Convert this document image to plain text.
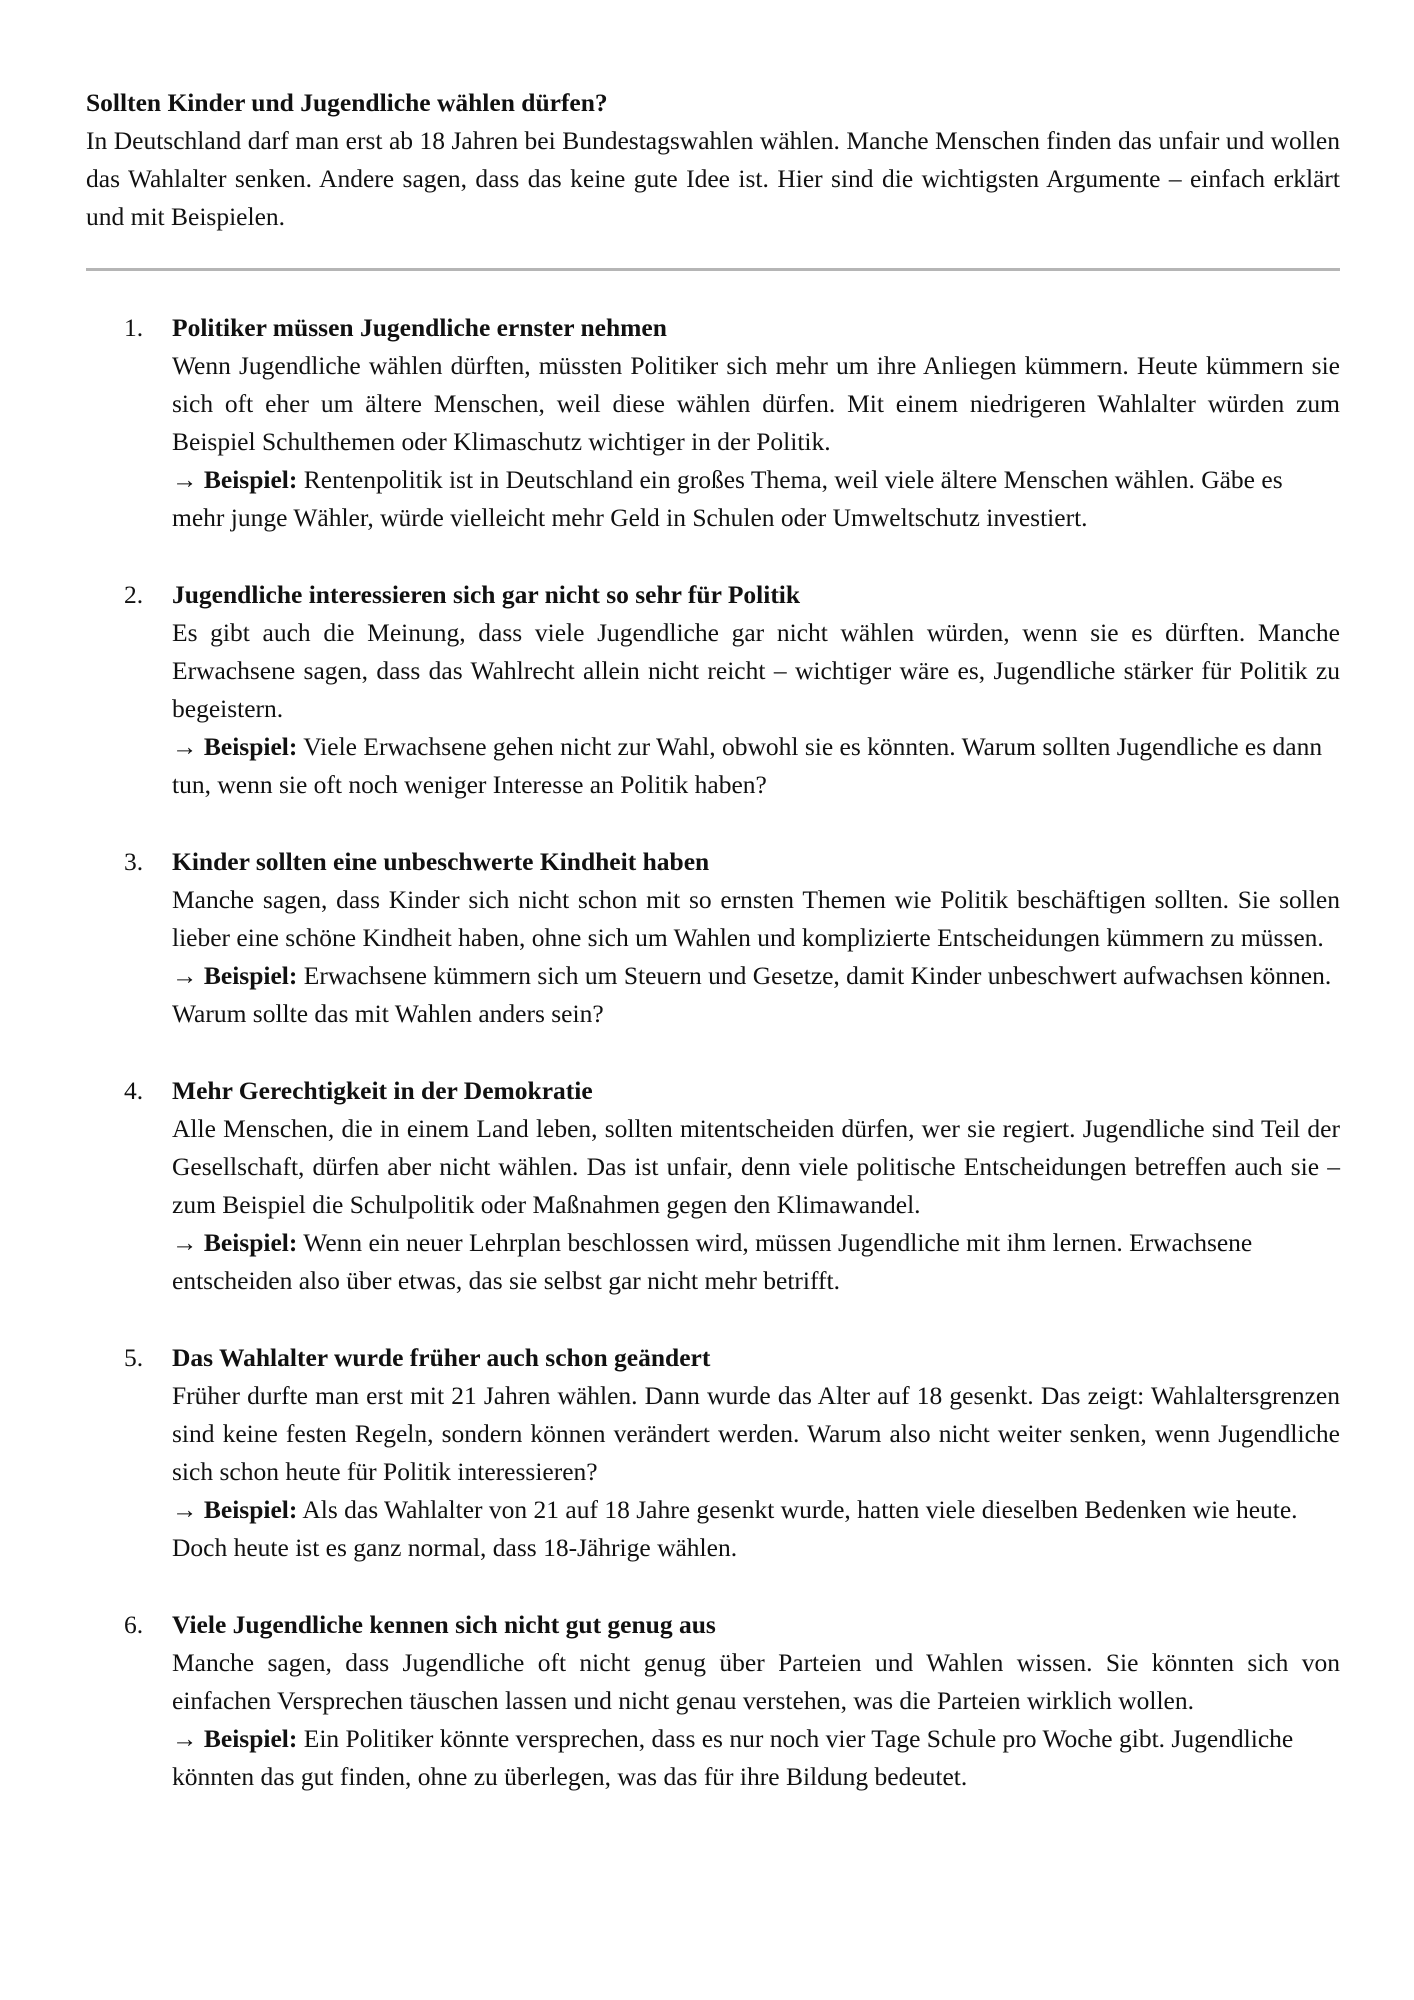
Sollten Kinder und Jugendliche wählen dürfen?

In Deutschland darf man erst ab 18 Jahren bei Bundestagswahlen wählen. Manche Menschen finden das unfair und wollen das Wahlalter senken. Andere sagen, dass das keine gute Idee ist. Hier sind die wichtigsten Argumente – einfach erklärt und mit Beispielen.

1. Politiker müssen Jugendliche ernster nehmen
Wenn Jugendliche wählen dürften, müssten Politiker sich mehr um ihre Anliegen kümmern. Heute kümmern sie sich oft eher um ältere Menschen, weil diese wählen dürfen. Mit einem niedrigeren Wahlalter würden zum Beispiel Schulthemen oder Klimaschutz wichtiger in der Politik.
→ Beispiel: Rentenpolitik ist in Deutschland ein großes Thema, weil viele ältere Menschen wählen. Gäbe es mehr junge Wähler, würde vielleicht mehr Geld in Schulen oder Umweltschutz investiert.
2. Jugendliche interessieren sich gar nicht so sehr für Politik
Es gibt auch die Meinung, dass viele Jugendliche gar nicht wählen würden, wenn sie es dürften. Manche Erwachsene sagen, dass das Wahlrecht allein nicht reicht – wichtiger wäre es, Jugendliche stärker für Politik zu begeistern.
→ Beispiel: Viele Erwachsene gehen nicht zur Wahl, obwohl sie es könnten. Warum sollten Jugendliche es dann tun, wenn sie oft noch weniger Interesse an Politik haben?
3. Kinder sollten eine unbeschwerte Kindheit haben
Manche sagen, dass Kinder sich nicht schon mit so ernsten Themen wie Politik beschäftigen sollten. Sie sollen lieber eine schöne Kindheit haben, ohne sich um Wahlen und komplizierte Entscheidungen kümmern zu müssen.
→ Beispiel: Erwachsene kümmern sich um Steuern und Gesetze, damit Kinder unbeschwert aufwachsen können. Warum sollte das mit Wahlen anders sein?
4. Mehr Gerechtigkeit in der Demokratie
Alle Menschen, die in einem Land leben, sollten mitentscheiden dürfen, wer sie regiert. Jugendliche sind Teil der Gesellschaft, dürfen aber nicht wählen. Das ist unfair, denn viele politische Entscheidungen betreffen auch sie – zum Beispiel die Schulpolitik oder Maßnahmen gegen den Klimawandel.
→ Beispiel: Wenn ein neuer Lehrplan beschlossen wird, müssen Jugendliche mit ihm lernen. Erwachsene entscheiden also über etwas, das sie selbst gar nicht mehr betrifft.
5. Das Wahlalter wurde früher auch schon geändert
Früher durfte man erst mit 21 Jahren wählen. Dann wurde das Alter auf 18 gesenkt. Das zeigt: Wahlaltersgrenzen sind keine festen Regeln, sondern können verändert werden. Warum also nicht weiter senken, wenn Jugendliche sich schon heute für Politik interessieren?
→ Beispiel: Als das Wahlalter von 21 auf 18 Jahre gesenkt wurde, hatten viele dieselben Bedenken wie heute. Doch heute ist es ganz normal, dass 18-Jährige wählen.
6. Viele Jugendliche kennen sich nicht gut genug aus
Manche sagen, dass Jugendliche oft nicht genug über Parteien und Wahlen wissen. Sie könnten sich von einfachen Versprechen täuschen lassen und nicht genau verstehen, was die Parteien wirklich wollen.
→ Beispiel: Ein Politiker könnte versprechen, dass es nur noch vier Tage Schule pro Woche gibt. Jugendliche könnten das gut finden, ohne zu überlegen, was das für ihre Bildung bedeutet.
